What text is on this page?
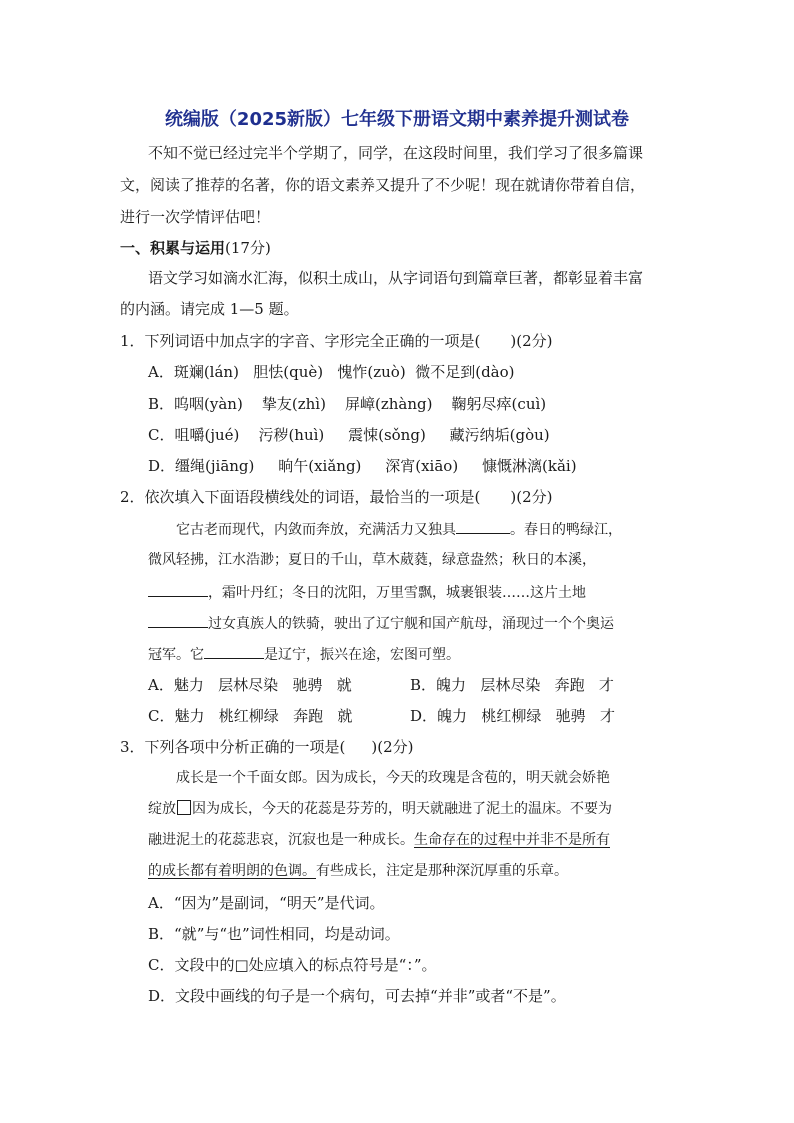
统编版（2025新版）七年级下册语文期中素养提升测试卷
不知不觉已经过完半个学期了，同学，在这段时间里，我们学习了很多篇课
文，阅读了推荐的名著，你的语文素养又提升了不少呢！现在就请你带着自信，
进行一次学情评估吧！
一、积累与运用(17分)
语文学习如滴水汇海，似积土成山，从字词语句到篇章巨著，都彰显着丰富
的内涵。请完成 1—5 题。
1．下列词语中加点字的字音、字形完全正确的一项是( )(2分)
A．斑斓(lán)   胆怯(què)   愧怍(zuò)  微不足到(dào)
B．呜咽(yàn)    挚友(zhì)    屏嶂(zhàng)    鞠躬尽瘁(cuì)
C．咀嚼(jué)    污秽(huì)     震悚(sǒng)     藏污纳垢(gòu)
D．缰绳(jiāng)     晌午(xiǎng)     深宵(xiāo)     慷慨淋漓(kǎi)
2．依次填入下面语段横线处的词语，最恰当的一项是( )(2分)
它古老而现代，内敛而奔放，充满活力又独具	。春日的鸭绿江，
微风轻拂，江水浩渺；夏日的千山，草木葳蕤，绿意盎然；秋日的本溪，
，霜叶丹红；冬日的沈阳，万里雪飘，城裹银装……这片土地
过女真族人的铁骑，驶出了辽宁舰和国产航母，涌现过一个个奥运
冠军。它	是辽宁，振兴在途，宏图可塑。
A．魅力   层林尽染   驰骋   就	B．魄力   层林尽染   奔跑   才
C．魅力   桃红柳绿   奔跑   就	D．魄力   桃红柳绿   驰骋   才
3．下列各项中分析正确的一项是( )(2分)
成长是一个千面女郎。因为成长，今天的玫瑰是含苞的，明天就会娇艳
绽放 因为成长，今天的花蕊是芬芳的，明天就融进了泥土的温床。不要为
融进泥土的花蕊悲哀，沉寂也是一种成长。生命存在的过程中并非不是所有
的成长都有着明朗的色调。有些成长，注定是那种深沉厚重的乐章。
A．“因为”是副词，“明天”是代词。
B．“就”与“也”词性相同，均是动词。
C．文段中的□处应填入的标点符号是“：”。
D．文段中画线的句子是一个病句，可去掉“并非”或者“不是”。
